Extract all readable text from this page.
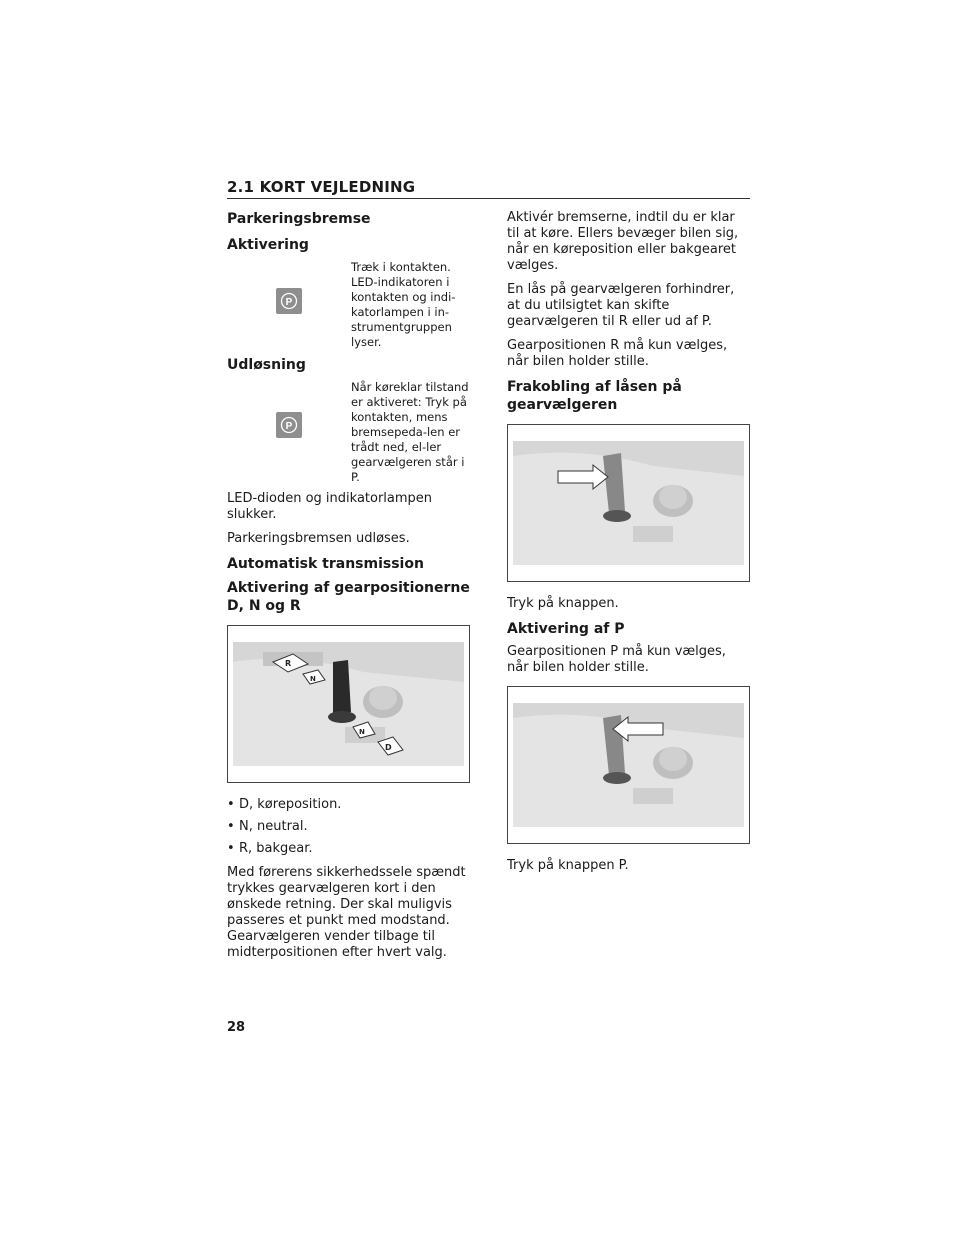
2.1 KORT VEJLEDNING
Parkeringsbremse
Aktivering
P
Træk i kontakten. LED-indikatoren i kontakten og indi-katorlampen i in-strumentgruppen lyser.
Udløsning
P
Når køreklar tilstand er aktiveret: Tryk på kontakten, mens bremsepeda-len er trådt ned, el-ler gearvælgeren står i P.

LED-dioden og indikatorlampen slukker.

Parkeringsbremsen udløses.

Automatisk transmission
Aktivering af gearpositionerne D, N og R
R
N
N
D
• D, køreposition.
• N, neutral.
• R, bakgear.

Med førerens sikkerhedssele spændt trykkes gearvælgeren kort i den ønskede retning. Der skal muligvis passeres et punkt med modstand. Gearvælgeren vender tilbage til midterpositionen efter hvert valg.

Aktivér bremserne, indtil du er klar til at køre. Ellers bevæger bilen sig, når en køreposition eller bakgearet vælges.

En lås på gearvælgeren forhindrer, at du utilsigtet kan skifte gearvælgeren til R eller ud af P.

Gearpositionen R må kun vælges, når bilen holder stille.

Frakobling af låsen på gearvælgeren

Tryk på knappen.

Aktivering af P

Gearpositionen P må kun vælges, når bilen holder stille.

Tryk på knappen P.

28
